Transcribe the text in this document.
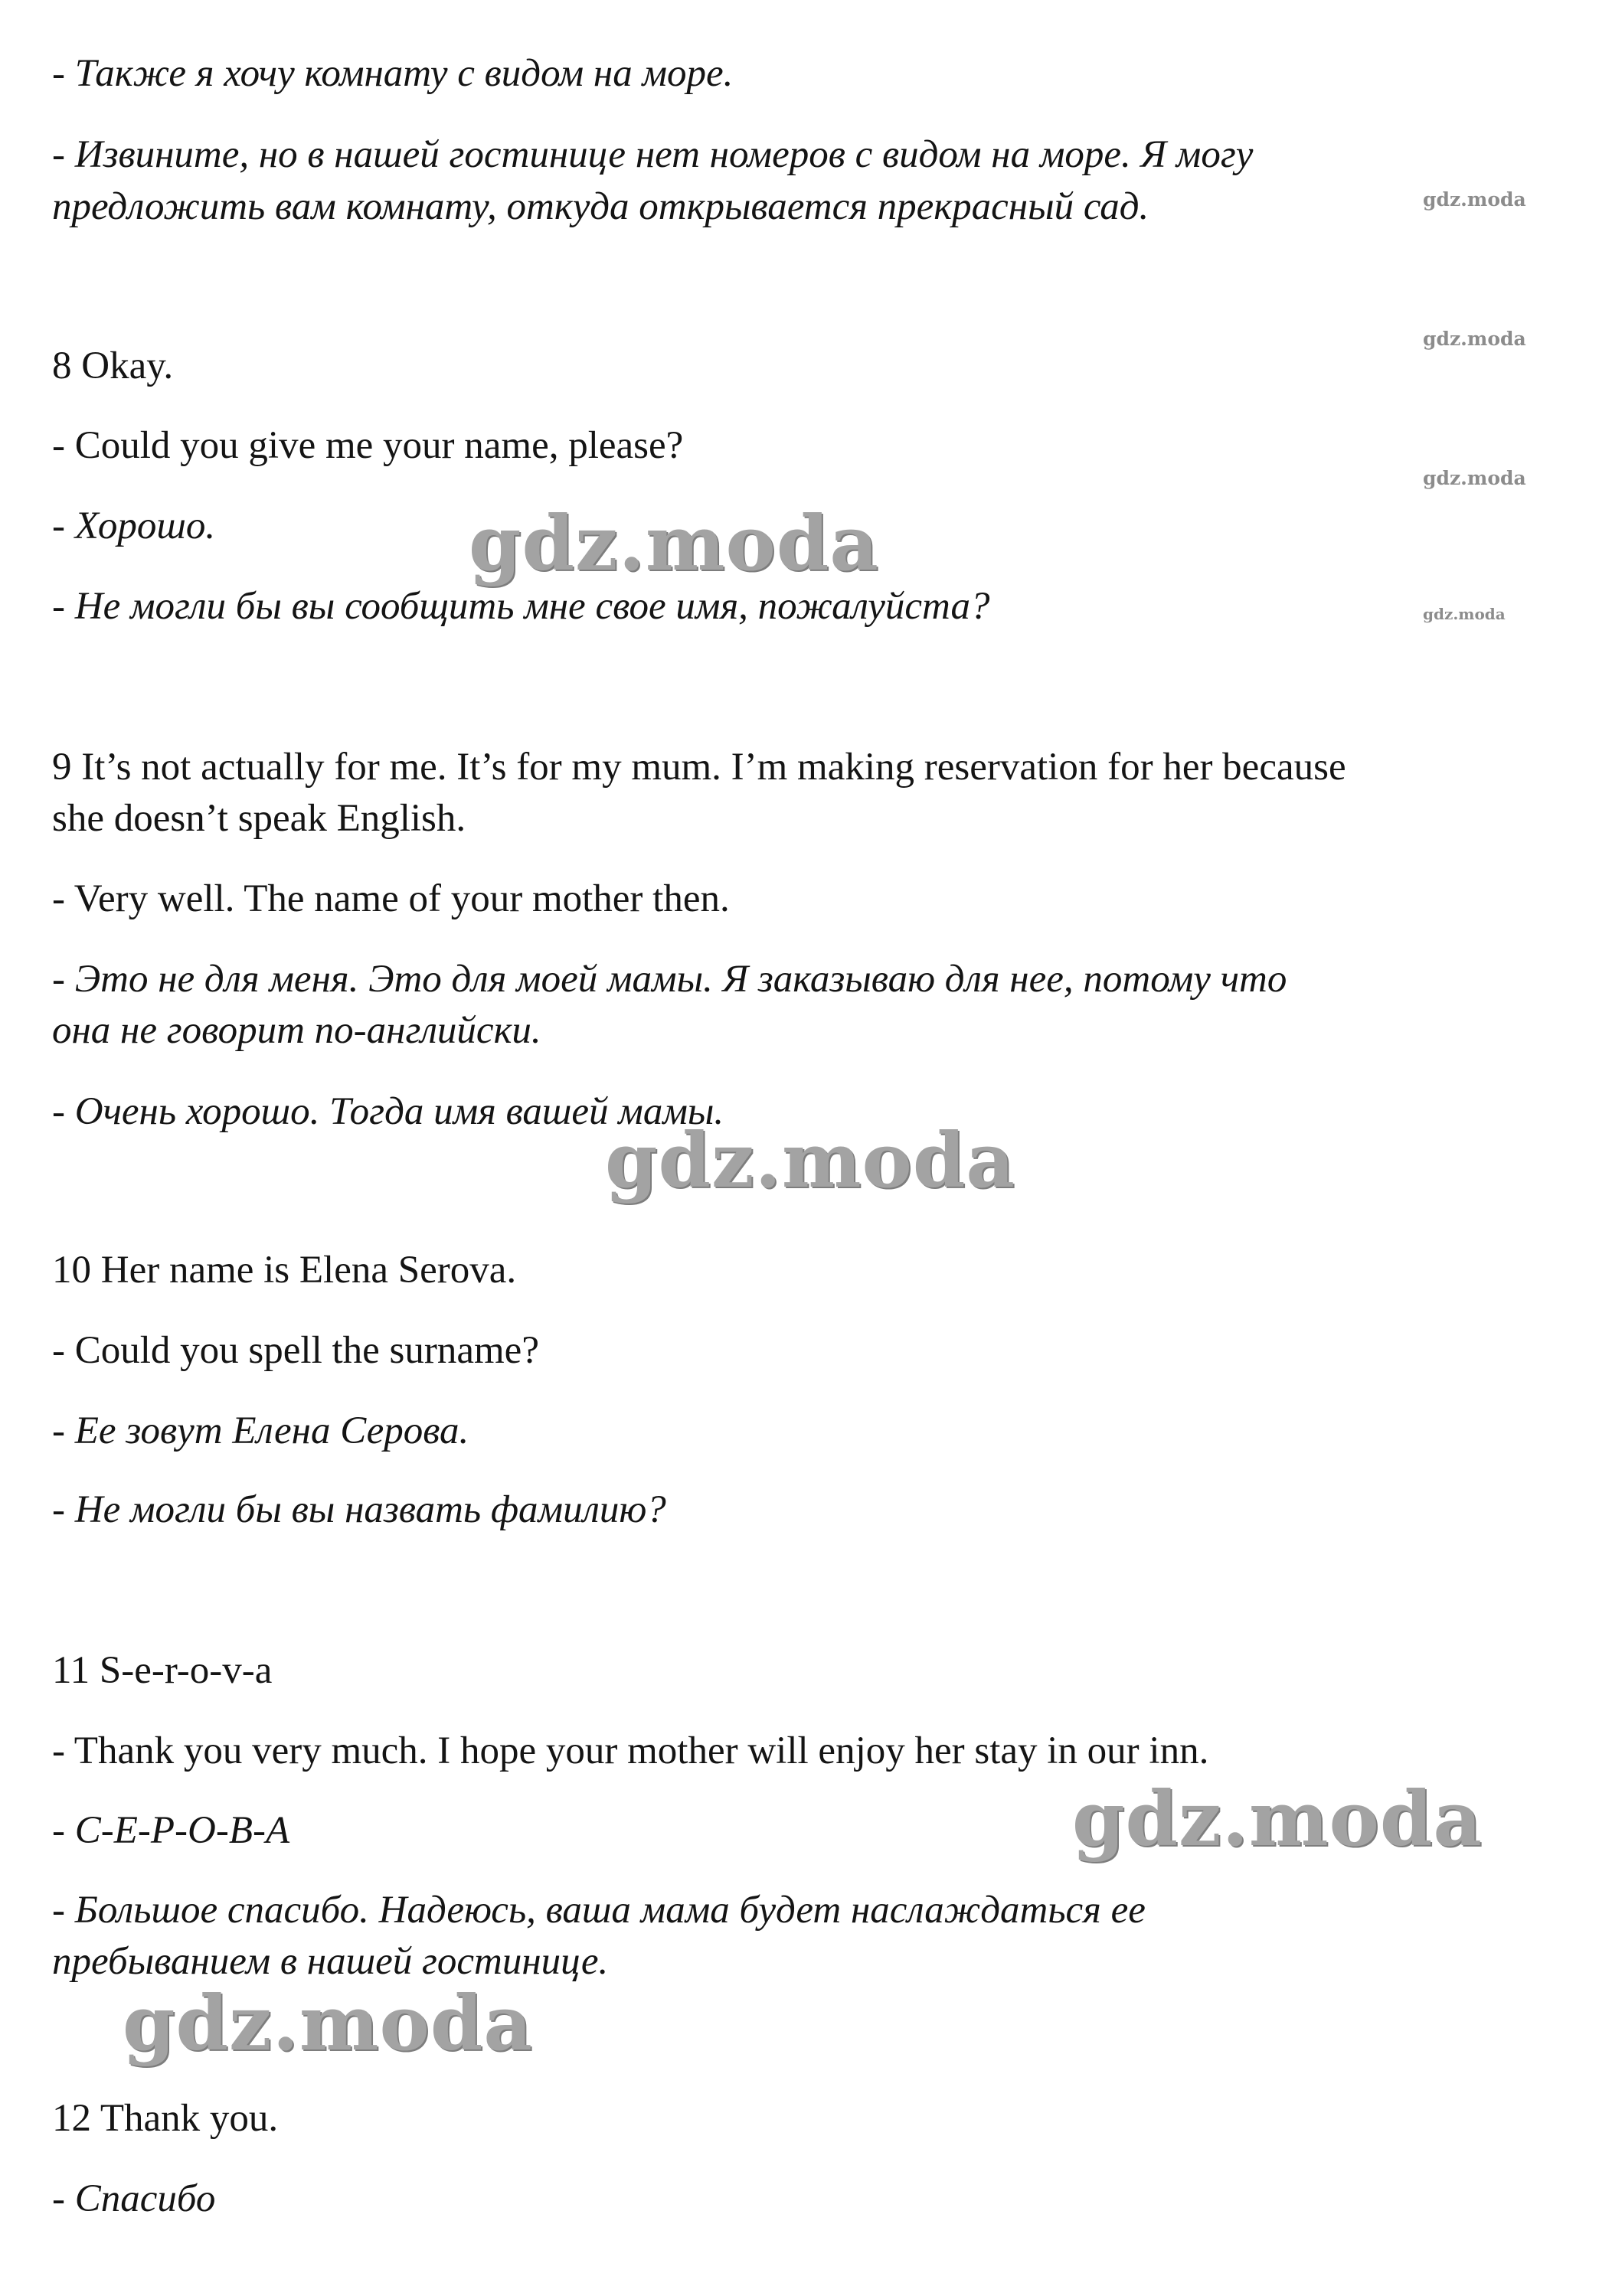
- Также я хочу комнату с видом на море.

- Извините, но в нашей гостинице нет номеров с видом на море. Я могу

предложить вам комнату, откуда открывается прекрасный сад.

8 Okay.

- Could you give me your name, please?

- Хорошо.

- Не могли бы вы сообщить мне свое имя, пожалуйста?

9 It’s not actually for me. It’s for my mum. I’m making reservation for her because

she doesn’t speak English.

- Very well. The name of your mother then.

- Это не для меня. Это для моей мамы. Я заказываю для нее, потому что

она не говорит по-английски.

- Очень хорошо. Тогда имя вашей мамы.

10 Her name is Elena Serova.

- Could you spell the surname?

- Ее зовут Елена Серова.

- Не могли бы вы назвать фамилию?

11 S-e-r-o-v-a

- Thank you very much. I hope your mother will enjoy her stay in our inn.

- С-Е-Р-О-В-А

- Большое спасибо. Надеюсь, ваша мама будет наслаждаться ее

пребыванием в нашей гостинице.

12 Thank you.

- Спасибо

gdz.moda
gdz.moda
gdz.moda
gdz.moda
gdz.moda
gdz.moda
gdz.moda
gdz.moda
